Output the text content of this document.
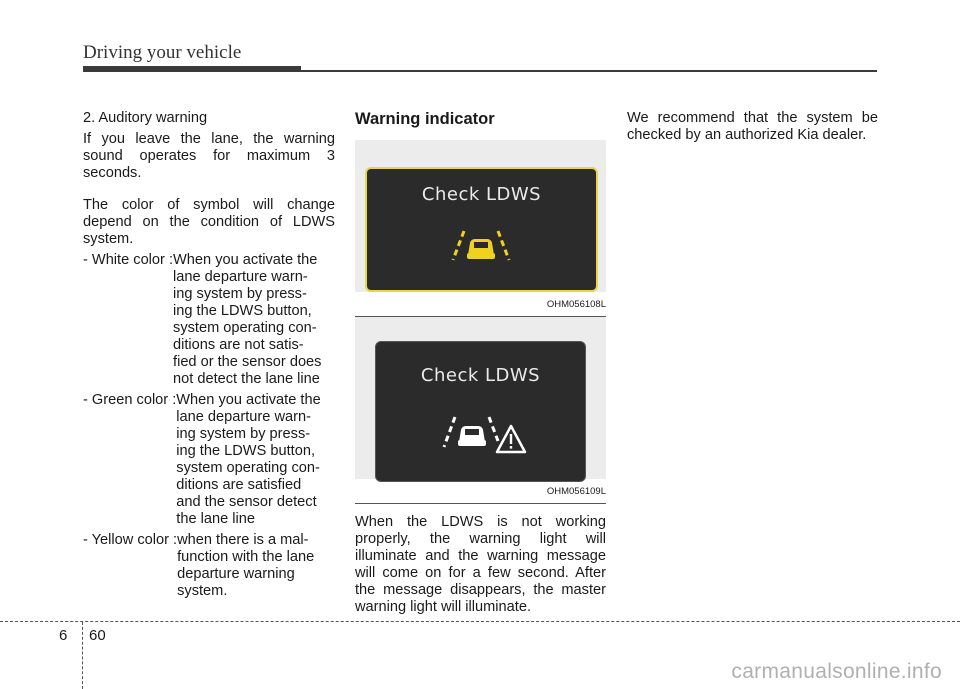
Driving your vehicle

2. Auditory warning

If you leave the lane, the warning sound operates for maximum 3 seconds.

The color of symbol will change depend on the condition of LDWS system.

- White color : When you activate the
lane departure warn-
ing system by press-
ing the LDWS button,
system operating con-
ditions are not satis-
fied or the sensor does
not detect the lane line
- Green color : When you activate the
lane departure warn-
ing system by press-
ing the LDWS button,
system operating con-
ditions are satisfied
and the sensor detect
the lane line
- Yellow color : when there is a mal-
function with the lane
departure warning
system.
Warning indicator
Check LDWS
OHM056108L
Check LDWS
OHM056109L

When the LDWS is not working properly, the warning light will illuminate and the warning message will come on for a few second. After the message disappears, the master warning light will illuminate.

We recommend that the system be checked by an authorized Kia dealer.

6 60
carmanualsonline.info
